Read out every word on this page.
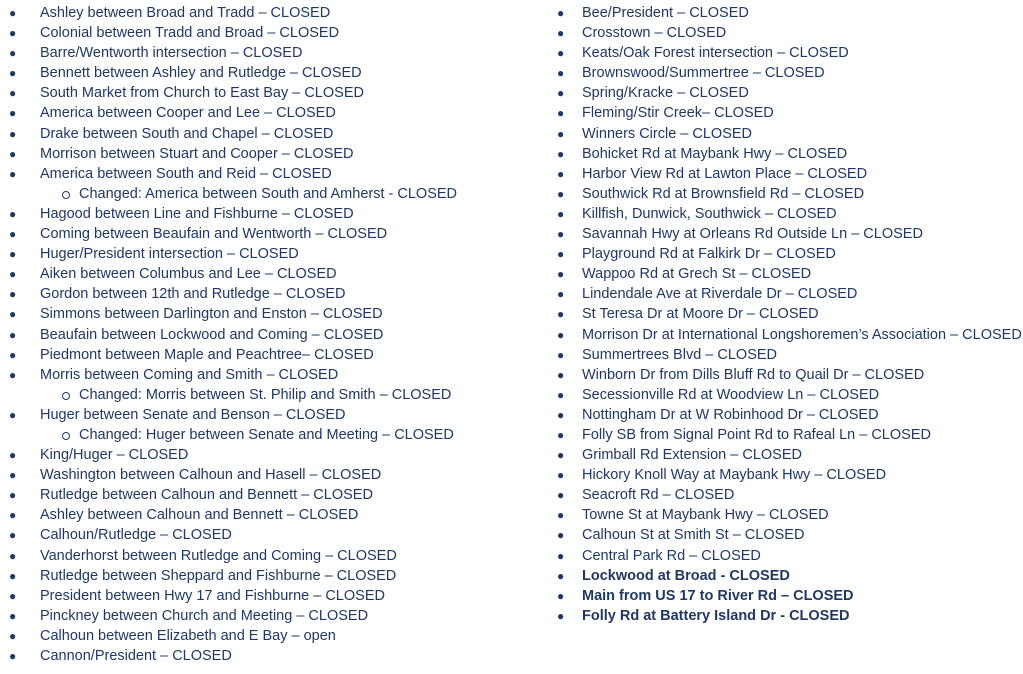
● Ashley between Broad and Tradd – CLOSED
● Colonial between Tradd and Broad – CLOSED
● Barre/Wentworth intersection – CLOSED
● Bennett between Ashley and Rutledge – CLOSED
● South Market from Church to East Bay – CLOSED
● America between Cooper and Lee – CLOSED
● Drake between South and Chapel – CLOSED
● Morrison between Stuart and Cooper – CLOSED
● America between South and Reid – CLOSED
Changed: America between South and Amherst - CLOSED
● Hagood between Line and Fishburne – CLOSED
● Coming between Beaufain and Wentworth – CLOSED
● Huger/President intersection – CLOSED
● Aiken between Columbus and Lee – CLOSED
● Gordon between 12th and Rutledge – CLOSED
● Simmons between Darlington and Enston – CLOSED
● Beaufain between Lockwood and Coming – CLOSED
● Piedmont between Maple and Peachtree– CLOSED
● Morris between Coming and Smith – CLOSED
Changed: Morris between St. Philip and Smith – CLOSED
● Huger between Senate and Benson – CLOSED
Changed: Huger between Senate and Meeting – CLOSED
● King/Huger – CLOSED
● Washington between Calhoun and Hasell – CLOSED
● Rutledge between Calhoun and Bennett – CLOSED
● Ashley between Calhoun and Bennett – CLOSED
● Calhoun/Rutledge – CLOSED
● Vanderhorst between Rutledge and Coming – CLOSED
● Rutledge between Sheppard and Fishburne – CLOSED
● President between Hwy 17 and Fishburne – CLOSED
● Pinckney between Church and Meeting – CLOSED
● Calhoun between Elizabeth and E Bay – open
● Cannon/President – CLOSED
● Bee/President – CLOSED
● Crosstown – CLOSED
● Keats/Oak Forest intersection – CLOSED
● Brownswood/Summertree – CLOSED
● Spring/Kracke – CLOSED
● Fleming/Stir Creek– CLOSED
● Winners Circle – CLOSED
● Bohicket Rd at Maybank Hwy – CLOSED
● Harbor View Rd at Lawton Place – CLOSED
● Southwick Rd at Brownsfield Rd – CLOSED
● Killfish, Dunwick, Southwick – CLOSED
● Savannah Hwy at Orleans Rd Outside Ln – CLOSED
● Playground Rd at Falkirk Dr – CLOSED
● Wappoo Rd at Grech St – CLOSED
● Lindendale Ave at Riverdale Dr – CLOSED
● St Teresa Dr at Moore Dr – CLOSED
● Morrison Dr at International Longshoremen’s Association – CLOSED
● Summertrees Blvd – CLOSED
● Winborn Dr from Dills Bluff Rd to Quail Dr – CLOSED
● Secessionville Rd at Woodview Ln – CLOSED
● Nottingham Dr at W Robinhood Dr – CLOSED
● Folly SB from Signal Point Rd to Rafeal Ln – CLOSED
● Grimball Rd Extension – CLOSED
● Hickory Knoll Way at Maybank Hwy – CLOSED
● Seacroft Rd – CLOSED
● Towne St at Maybank Hwy – CLOSED
● Calhoun St at Smith St – CLOSED
● Central Park Rd – CLOSED
● Lockwood at Broad - CLOSED
● Main from US 17 to River Rd – CLOSED
● Folly Rd at Battery Island Dr - CLOSED
